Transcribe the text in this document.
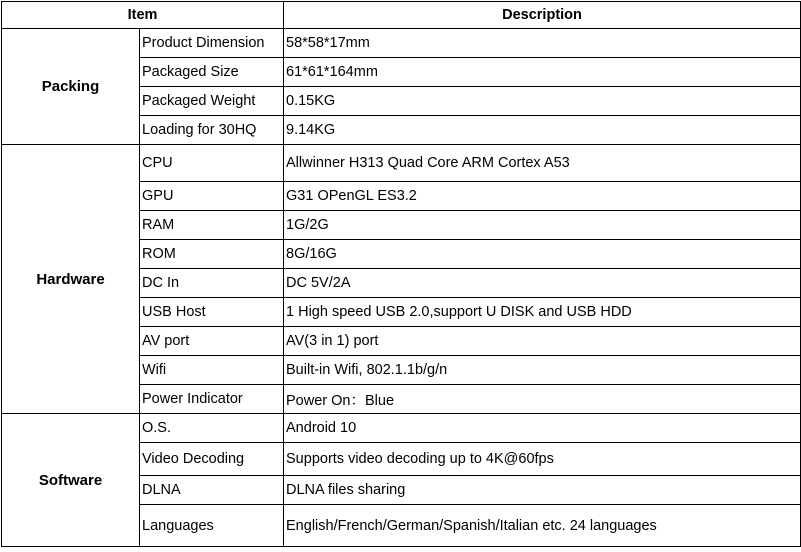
Item		Description
Packing	Product Dimension	58*58*17mm
	Packaged Size	61*61*164mm
	Packaged Weight	0.15KG
	Loading for 30HQ	9.14KG
Hardware	CPU	Allwinner H313 Quad Core ARM Cortex A53
	GPU	G31 OPenGL ES3.2
	RAM	1G/2G
	ROM	8G/16G
	DC In	DC 5V/2A
	USB Host	1 High speed USB 2.0,support U DISK and USB HDD
	AV port	AV(3 in 1) port
	Wifi	Built-in Wifi, 802.1.1b/g/n
	Power Indicator	Power On：Blue
Software	O.S.	Android 10
	Video Decoding	Supports video decoding up to 4K@60fps
	DLNA	DLNA files sharing
	Languages	English/French/German/Spanish/Italian etc. 24 languages
